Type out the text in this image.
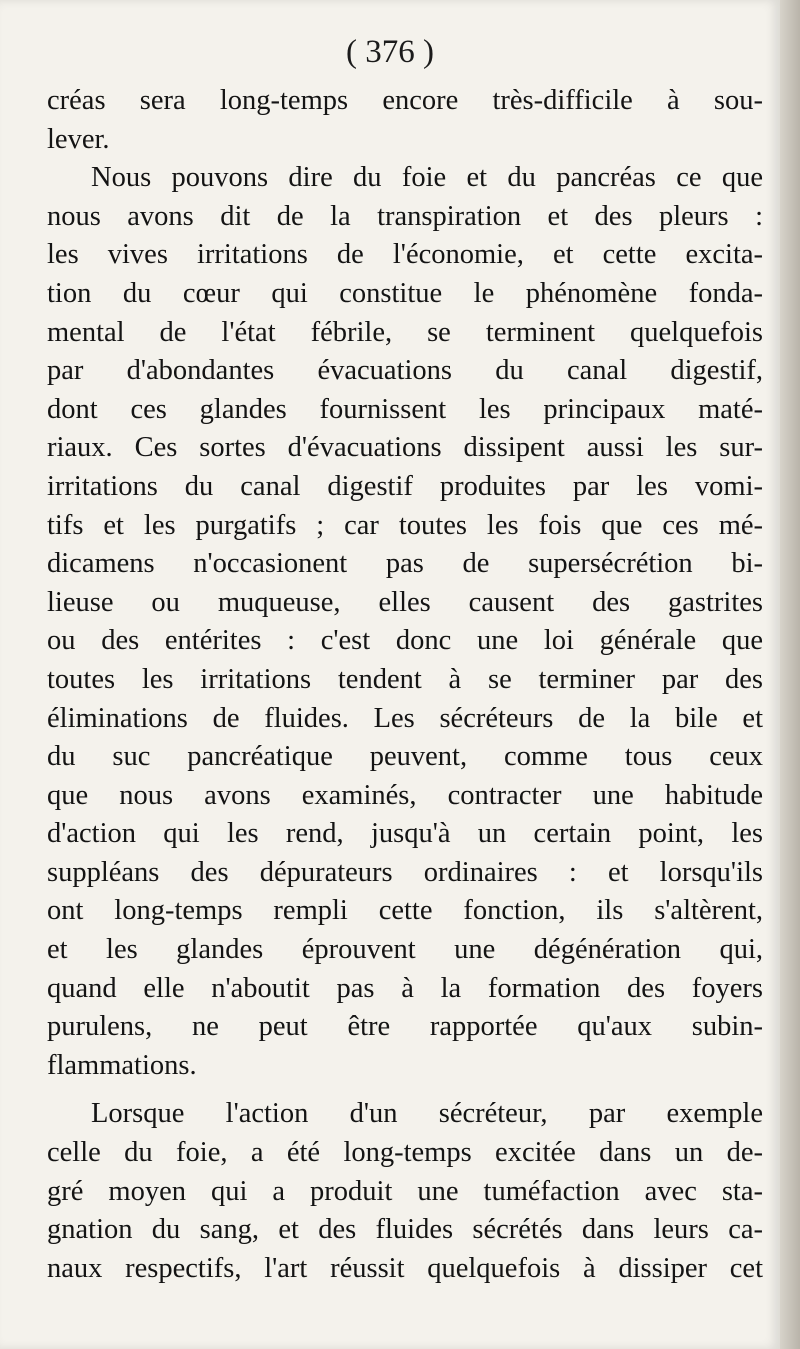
( 376 )
créas sera long-temps encore très-difficile à sou-
lever.
Nous pouvons dire du foie et du pancréas ce que
nous avons dit de la transpiration et des pleurs :
les vives irritations de l'économie, et cette excita-
tion du cœur qui constitue le phénomène fonda-
mental de l'état fébrile, se terminent quelquefois
par d'abondantes évacuations du canal digestif,
dont ces glandes fournissent les principaux maté-
riaux. Ces sortes d'évacuations dissipent aussi les sur-
irritations du canal digestif produites par les vomi-
tifs et les purgatifs ; car toutes les fois que ces mé-
dicamens n'occasionent pas de supersécrétion bi-
lieuse ou muqueuse, elles causent des gastrites
ou des entérites : c'est donc une loi générale que
toutes les irritations tendent à se terminer par des
éliminations de fluides. Les sécréteurs de la bile et
du suc pancréatique peuvent, comme tous ceux
que nous avons examinés, contracter une habitude
d'action qui les rend, jusqu'à un certain point, les
suppléans des dépurateurs ordinaires : et lorsqu'ils
ont long-temps rempli cette fonction, ils s'altèrent,
et les glandes éprouvent une dégénération qui,
quand elle n'aboutit pas à la formation des foyers
purulens, ne peut être rapportée qu'aux subin-
flammations.
Lorsque l'action d'un sécréteur, par exemple
celle du foie, a été long-temps excitée dans un de-
gré moyen qui a produit une tuméfaction avec sta-
gnation du sang, et des fluides sécrétés dans leurs ca-
naux respectifs, l'art réussit quelquefois à dissiper cet
